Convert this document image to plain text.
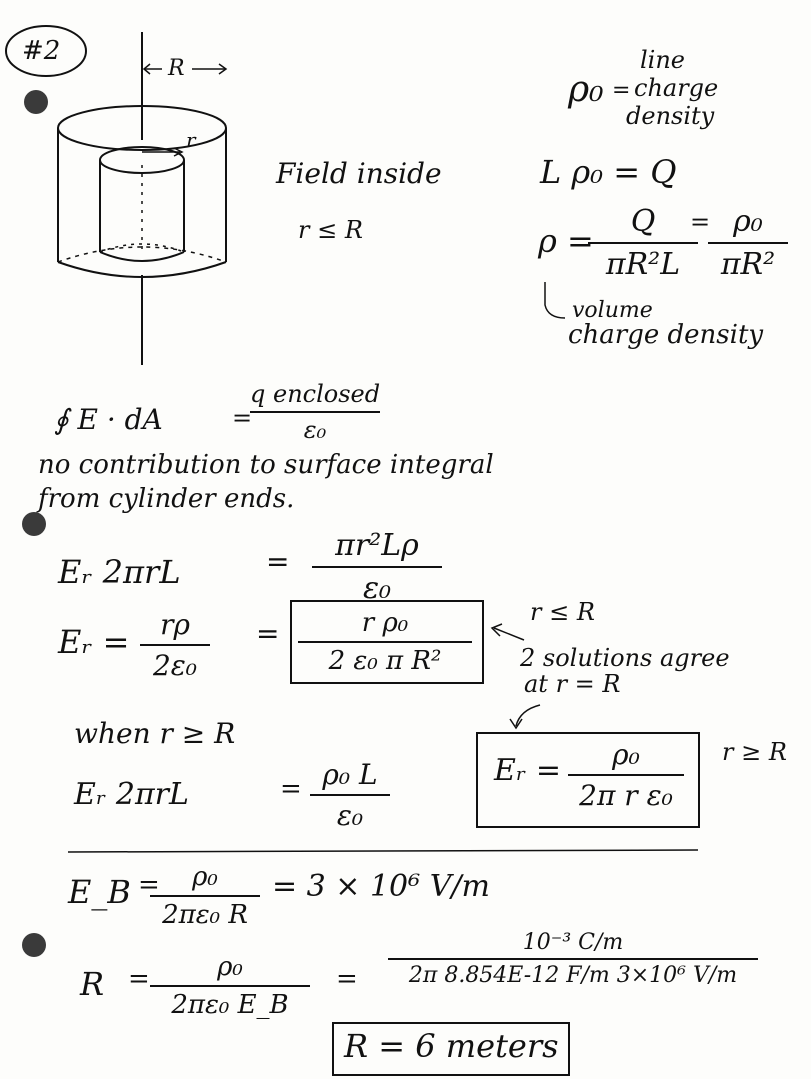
#2
R
r
Field inside
r ≤ R
ρ₀ =
line
charge
density
L ρ₀ = Q
ρ =
Q
πR²L
= ρ₀
πR²
volume
charge density
∮ E · dA	=
q enclosed
ε₀
no contribution to surface integral
from cylinder ends.
Eᵣ 2πrL	=	πr²Lρ
ε₀
Eᵣ =	rρ
2ε₀
=	r ρ₀
2 ε₀ π R²
r ≤ R
2 solutions agree
at r = R
when r ≥ R
Eᵣ 2πrL	= ρ₀ L
ε₀
Eᵣ =	ρ₀
2π r ε₀
r ≥ R
E_B =	ρ₀
2πε₀ R
= 3 × 10⁶ V/m
R =	ρ₀
2πε₀ E_B
=
10⁻³ C/m
2π 8.854E-12 F/m 3×10⁶ V/m
R = 6 meters
